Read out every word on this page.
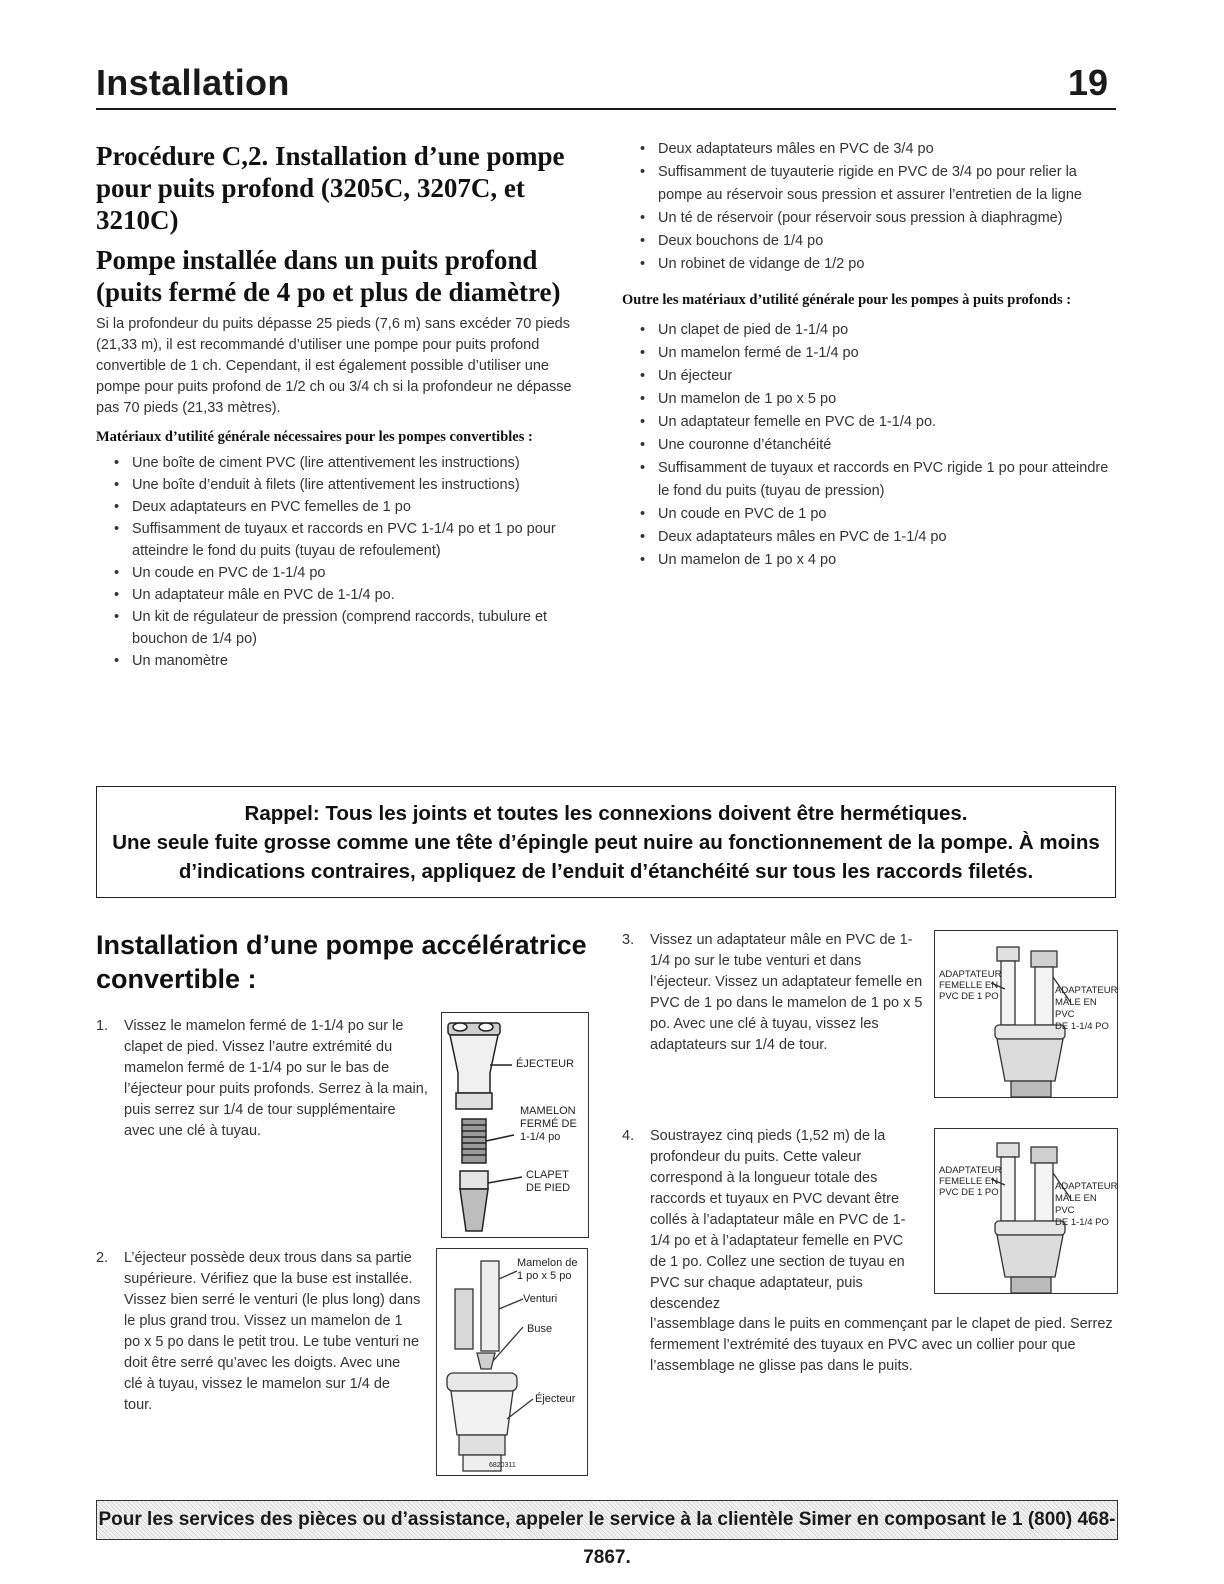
Installation	19
Procédure C,2. Installation d’une pompe pour puits profond (3205C, 3207C, et 3210C)
Pompe installée dans un puits profond (puits fermé de 4 po et plus de diamètre)

Si la profondeur du puits dépasse 25 pieds (7,6 m) sans excéder 70 pieds (21,33 m), il est recommandé d’utiliser une pompe pour puits profond convertible de 1 ch. Cependant, il est également possible d’utiliser une pompe pour puits profond de 1/2 ch ou 3/4 ch si la profondeur ne dépasse pas 70 pieds (21,33 mètres).

Matériaux d’utilité générale nécessaires pour les pompes convertibles :
• Une boîte de ciment PVC (lire attentivement les instructions)
• Une boîte d’enduit à filets (lire attentivement les instructions)
• Deux adaptateurs en PVC femelles de 1 po
• Suffisamment de tuyaux et raccords en PVC 1-1/4 po et 1 po pour atteindre le fond du puits (tuyau de refoulement)
• Un coude en PVC de 1-1/4 po
• Un adaptateur mâle en PVC de 1-1/4 po.
• Un kit de régulateur de pression (comprend raccords, tubulure et bouchon de 1/4 po)
• Un manomètre
• Deux adaptateurs mâles en PVC de 3/4 po
• Suffisamment de tuyauterie rigide en PVC de 3/4 po pour relier la pompe au réservoir sous pression et assurer l’entretien de la ligne
• Un té de réservoir (pour réservoir sous pression à diaphragme)
• Deux bouchons de 1/4 po
• Un robinet de vidange de 1/2 po
Outre les matériaux d’utilité générale pour les pompes à puits profonds :
• Un clapet de pied de 1-1/4 po
• Un mamelon fermé de 1-1/4 po
• Un éjecteur
• Un mamelon de 1 po x 5 po
• Un adaptateur femelle en PVC de 1-1/4 po.
• Une couronne d’étanchéité
• Suffisamment de tuyaux et raccords en PVC rigide 1 po pour atteindre le fond du puits (tuyau de pression)
• Un coude en PVC de 1 po
• Deux adaptateurs mâles en PVC de 1-1/4 po
• Un mamelon de 1 po x 4 po
Rappel: Tous les joints et toutes les connexions doivent être hermétiques.
Une seule fuite grosse comme une tête d’épingle peut nuire au fonctionnement de la pompe. À moins
d’indications contraires, appliquez de l’enduit d’étanchéité sur tous les raccords filetés.
Installation d’une pompe accélératrice
convertible :
1. Vissez le mamelon fermé de 1-1/4 po sur le clapet de pied. Vissez l’autre extrémité du mamelon fermé de 1-1/4 po sur le bas de l’éjecteur pour puits profonds. Serrez à la main, puis serrez sur 1/4 de tour supplémentaire avec une clé à tuyau.
2. L’éjecteur possède deux trous dans sa partie supérieure. Vérifiez que la buse est installée. Vissez bien serré le venturi (le plus long) dans le plus grand trou. Vissez un mamelon de 1 po x 5 po dans le petit trou. Le tube venturi ne doit être serré qu’avec les doigts. Avec une clé à tuyau, vissez le mamelon sur 1/4 de tour.
3. Vissez un adaptateur mâle en PVC de 1-1/4 po sur le tube venturi et dans l’éjecteur. Vissez un adaptateur femelle en PVC de 1 po dans le mamelon de 1 po x 5 po. Avec une clé à tuyau, vissez les adaptateurs sur 1/4 de tour.
4. Soustrayez cinq pieds (1,52 m) de la profondeur du puits. Cette valeur correspond à la longueur totale des raccords et tuyaux en PVC devant être collés à l’adaptateur mâle en PVC de 1-1/4 po et à l’adaptateur femelle en PVC de 1 po. Collez une section de tuyau en PVC sur chaque adaptateur, puis descendez
l’assemblage dans le puits en commençant par le clapet de pied. Serrez fermement l’extrémité des tuyaux en PVC avec un collier pour que l’assemblage ne glisse pas dans le puits.
ÉJECTEUR
MAMELON
FERMÉ DE
1-1/4 po
CLAPET
DE PIED
Mamelon de
1 po x 5 po
Venturi
Buse
Éjecteur
6820311
ADAPTATEUR
FEMELLE EN
PVC DE 1 PO
ADAPTATEUR
MÂLE EN PVC
DE 1-1/4 PO
ADAPTATEUR
FEMELLE EN
PVC DE 1 PO
ADAPTATEUR
MÂLE EN PVC
DE 1-1/4 PO
Pour les services des pièces ou d’assistance, appeler le service à la clientèle Simer en composant le 1 (800) 468-7867.
